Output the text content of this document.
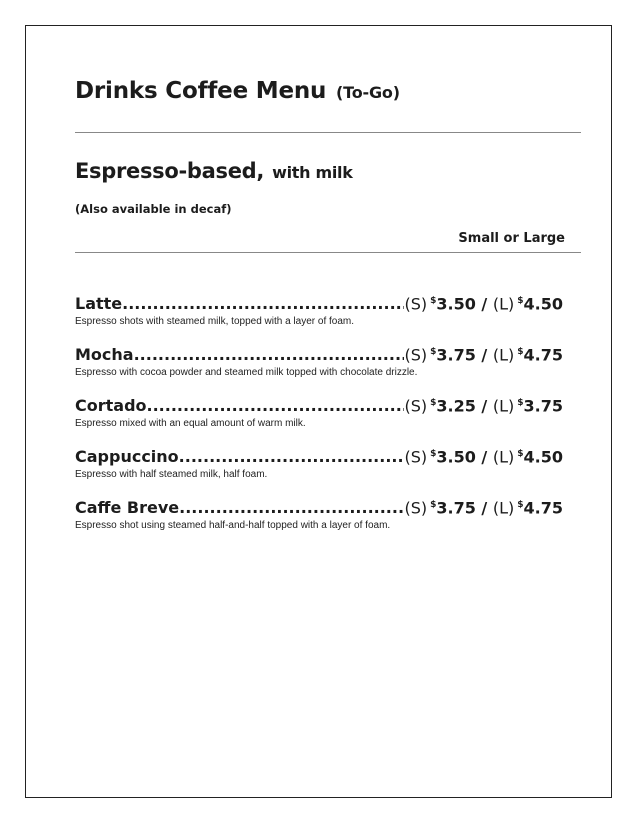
Drinks Coffee Menu (To-Go)
Espresso-based, with milk
(Also available in decaf)
Small or Large
Latte .....	(S) $3.50 / (L) $4.50
Espresso shots with steamed milk, topped with a layer of foam.
Mocha .....	(S) $3.75 / (L) $4.75
Espresso with cocoa powder and steamed milk topped with chocolate drizzle.
Cortado .....	(S) $3.25 / (L) $3.75
Espresso mixed with an equal amount of warm milk.
Cappuccino .....	(S) $3.50 / (L) $4.50
Espresso with half steamed milk, half foam.
Caffe Breve .....	(S) $3.75 / (L) $4.75
Espresso shot using steamed half-and-half topped with a layer of foam.
